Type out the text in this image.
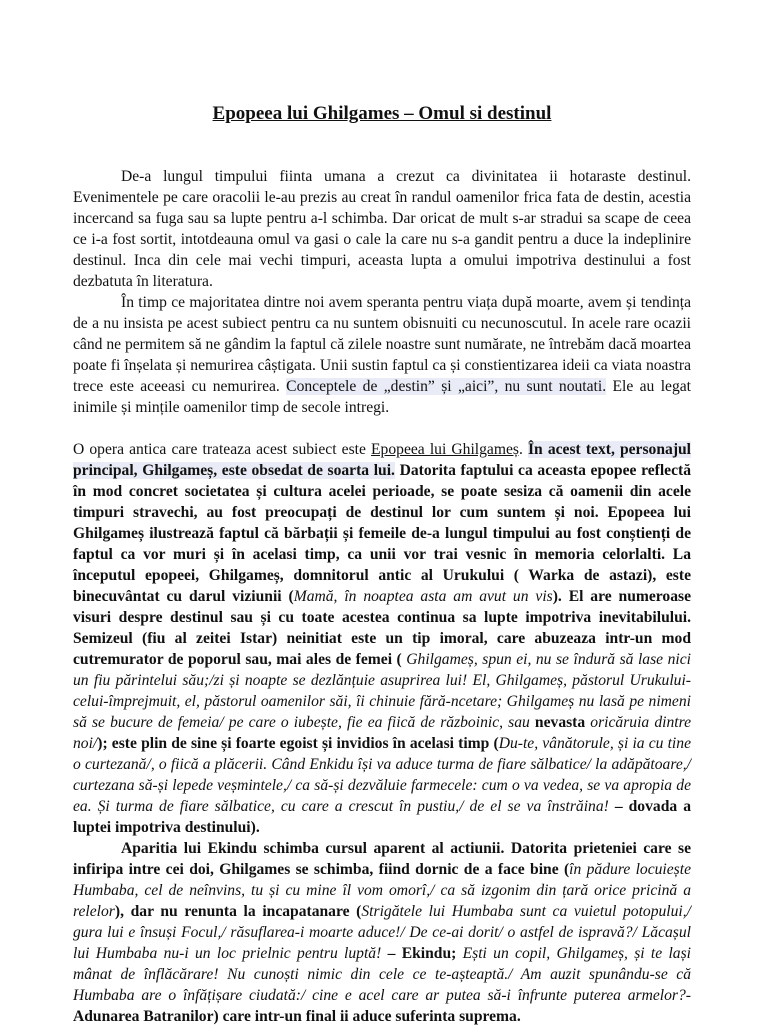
Epopeea lui Ghilgames – Omul si destinul

De-a lungul timpului fiinta umana a crezut ca divinitatea ii hotaraste destinul. Evenimentele pe care oracolii le-au prezis au creat în randul oamenilor frica fata de destin, acestia incercand sa fuga sau sa lupte pentru a-l schimba. Dar oricat de mult s-ar stradui sa scape de ceea ce i-a fost sortit, intotdeauna omul va gasi o cale la care nu s-a gandit pentru a duce la indeplinire destinul. Inca din cele mai vechi timpuri, aceasta lupta a omului impotriva destinului a fost dezbatuta în literatura.

În timp ce majoritatea dintre noi avem speranta pentru viața după moarte, avem și tendința de a nu insista pe acest subiect pentru ca nu suntem obisnuiti cu necunoscutul. In acele rare ocazii când ne permitem să ne gândim la faptul că zilele noastre sunt numărate, ne întrebăm dacă moartea poate fi înșelata și nemurirea câștigata. Unii sustin faptul ca și constientizarea ideii ca viata noastra trece este aceeasi cu nemurirea. Conceptele de „destin” și „aici”, nu sunt noutati. Ele au legat inimile și mințile oamenilor timp de secole intregi.

O opera antica care trateaza acest subiect este Epopeea lui Ghilgameș. În acest text, personajul principal, Ghilgameș, este obsedat de soarta lui. Datorita faptului ca aceasta epopee reflectă în mod concret societatea și cultura acelei perioade, se poate sesiza că oamenii din acele timpuri stravechi, au fost preocupați de destinul lor cum suntem și noi. Epopeea lui Ghilgameș ilustrează faptul că bărbații și femeile de-a lungul timpului au fost conștienți de faptul ca vor muri și în acelasi timp, ca unii vor trai vesnic în memoria celorlalti. La începutul epopeei, Ghilgameș, domnitorul antic al Urukului ( Warka de astazi), este binecuvântat cu darul viziunii (Mamă, în noaptea asta am avut un vis). El are numeroase visuri despre destinul sau și cu toate acestea continua sa lupte impotriva inevitabilului. Semizeul (fiu al zeitei Istar) neinitiat este un tip imoral, care abuzeaza intr-un mod cutremurator de poporul sau, mai ales de femei ( Ghilgameș, spun ei, nu se îndură să lase nici un fiu părintelui său;/zi și noapte se dezlănțuie asuprirea lui! El, Ghilgameș, păstorul Urukului-celui-împrejmuit, el, păstorul oamenilor săi, îi chinuie fără-ncetare; Ghilgameș nu lasă pe nimeni să se bucure de femeia/ pe care o iubește, fie ea fiică de războinic, sau nevasta oricăruia dintre noi/); este plin de sine și foarte egoist și invidios în acelasi timp (Du-te, vânătorule, și ia cu tine o curtezană/, o fiică a plăcerii. Când Enkidu își va aduce turma de fiare sălbatice/ la adăpătoare,/ curtezana să-și lepede veșmintele,/ ca să-și dezvăluie farmecele: cum o va vedea, se va apropia de ea. Și turma de fiare sălbatice, cu care a crescut în pustiu,/ de el se va înstrăina! – dovada a luptei impotriva destinului).

Aparitia lui Ekindu schimba cursul aparent al actiunii. Datorita prieteniei care se infiripa intre cei doi, Ghilgames se schimba, fiind dornic de a face bine (în pădure locuiește Humbaba, cel de neînvins, tu și cu mine îl vom omorî,/ ca să izgonim din țară orice pricină a relelor), dar nu renunta la incapatanare (Strigătele lui Humbaba sunt ca vuietul potopului,/ gura lui e însuși Focul,/ răsuflarea-i moarte aduce!/ De ce-ai dorit/ o astfel de ispravă?/ Lăcașul lui Humbaba nu-i un loc prielnic pentru luptă! – Ekindu; Ești un copil, Ghilgameș, și te lași mânat de înflăcărare! Nu cunoști nimic din cele ce te-așteaptă./ Am auzit spunându-se că Humbaba are o înfățișare ciudată:/ cine e acel care ar putea să-i înfrunte puterea armelor?- Adunarea Batranilor) care intr-un final ii aduce suferinta suprema.
